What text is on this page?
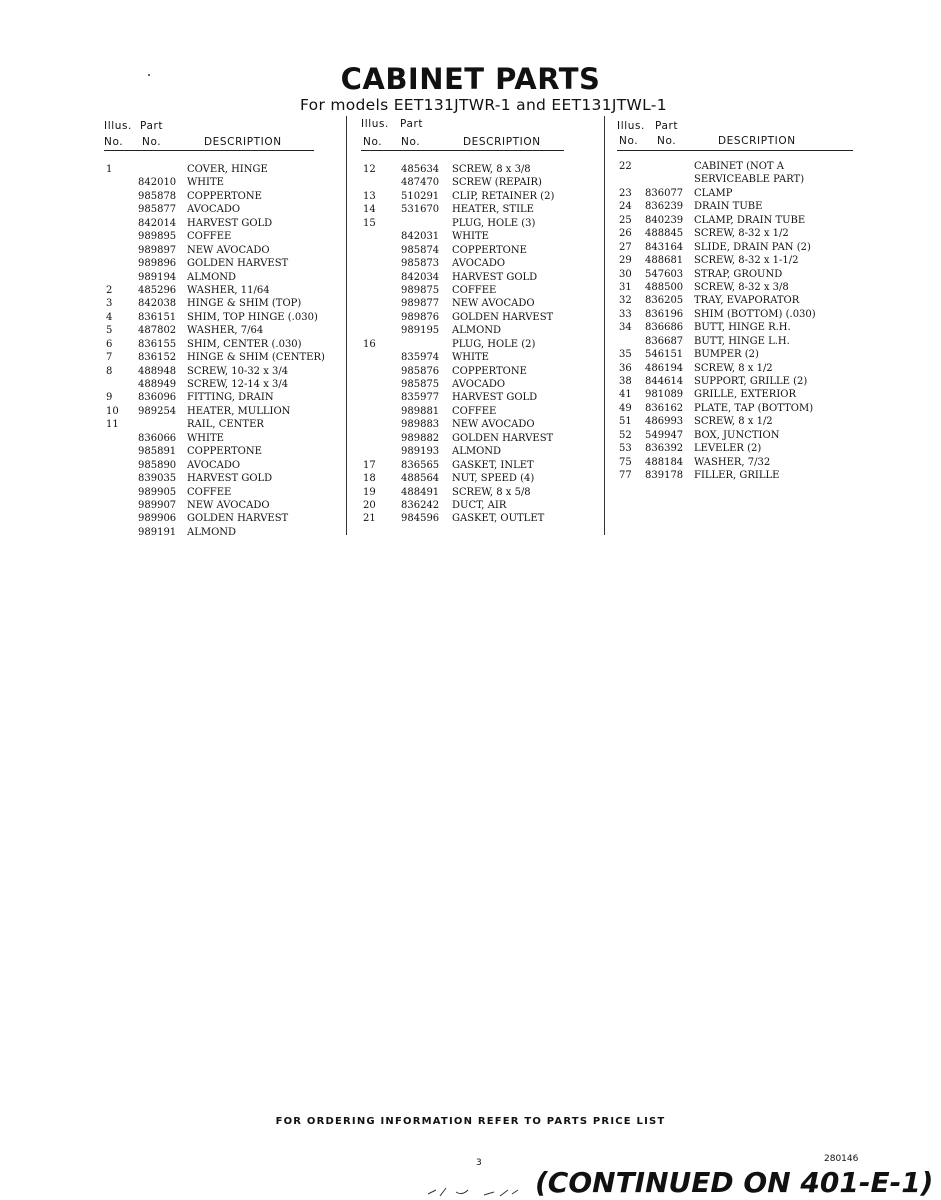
CABINET PARTS
For models EET131JTWR-1 and EET131JTWL-1
Illus. Part
No. No.	DESCRIPTION
1	COVER, HINGE
842010 WHITE
985878 COPPERTONE
985877 AVOCADO
842014 HARVEST GOLD
989895 COFFEE
989897 NEW AVOCADO
989896 GOLDEN HARVEST
989194 ALMOND
2	485296 WASHER, 11/64
3	842038 HINGE & SHIM (TOP)
4	836151 SHIM, TOP HINGE (.030)
5	487802 WASHER, 7/64
6	836155 SHIM, CENTER (.030)
7	836152 HINGE & SHIM (CENTER)
8	488948 SCREW, 10-32 x 3/4
488949 SCREW, 12-14 x 3/4
9	836096 FITTING, DRAIN
10 989254 HEATER, MULLION
11	RAIL, CENTER
836066 WHITE
985891 COPPERTONE
985890 AVOCADO
839035 HARVEST GOLD
989905 COFFEE
989907 NEW AVOCADO
989906 GOLDEN HARVEST
989191 ALMOND
Illus. Part
No. No.	DESCRIPTION
12	485634 SCREW, 8 x 3/8
487470 SCREW (REPAIR)
13	510291 CLIP, RETAINER (2)
14	531670 HEATER, STILE
15	PLUG, HOLE (3)
842031 WHITE
985874 COPPERTONE
985873 AVOCADO
842034 HARVEST GOLD
989875 COFFEE
989877 NEW AVOCADO
989876 GOLDEN HARVEST
989195 ALMOND
16	PLUG, HOLE (2)
835974 WHITE
985876 COPPERTONE
985875 AVOCADO
835977 HARVEST GOLD
989881 COFFEE
989883 NEW AVOCADO
989882 GOLDEN HARVEST
989193 ALMOND
17	836565 GASKET, INLET
18	488564 NUT, SPEED (4)
19	488491 SCREW, 8 x 5/8
20	836242 DUCT, AIR
21	984596 GASKET, OUTLET
Illus. Part
No. No.	DESCRIPTION
22	CABINET (NOT A
SERVICEABLE PART)
23 836077 CLAMP
24 836239 DRAIN TUBE
25 840239 CLAMP, DRAIN TUBE
26 488845 SCREW, 8-32 x 1/2
27 843164 SLIDE, DRAIN PAN (2)
29 488681 SCREW, 8-32 x 1-1/2
30 547603 STRAP, GROUND
31 488500 SCREW, 8-32 x 3/8
32 836205 TRAY, EVAPORATOR
33 836196 SHIM (BOTTOM) (.030)
34 836686 BUTT, HINGE R.H.
836687 BUTT, HINGE L.H.
35 546151 BUMPER (2)
36 486194 SCREW, 8 x 1/2
38 844614 SUPPORT, GRILLE (2)
41 981089 GRILLE, EXTERIOR
49 836162 PLATE, TAP (BOTTOM)
51 486993 SCREW, 8 x 1/2
52 549947 BOX, JUNCTION
53 836392 LEVELER (2)
75 488184 WASHER, 7/32
77 839178 FILLER, GRILLE
FOR ORDERING INFORMATION REFER TO PARTS PRICE LIST
280146
3
(CONTINUED ON 401-E-1)
